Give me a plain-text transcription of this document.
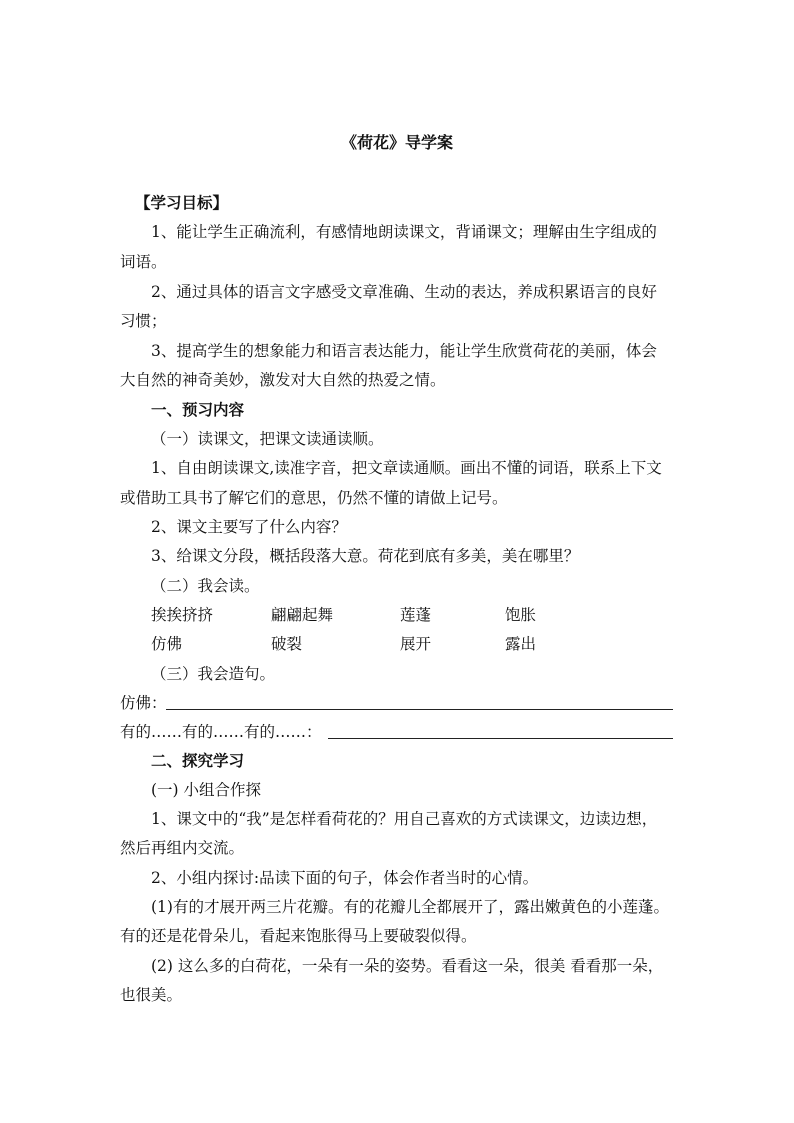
《荷花》导学案
【学习目标】
1、能让学生正确流利，有感情地朗读课文，背诵课文；理解由生字组成的
词语。
2、通过具体的语言文字感受文章准确、生动的表达，养成积累语言的良好
习惯；
3、提高学生的想象能力和语言表达能力，能让学生欣赏荷花的美丽，体会
大自然的神奇美妙，激发对大自然的热爱之情。
一、预习内容
（一）读课文，把课文读通读顺。
1、自由朗读课文,读准字音，把文章读通顺。画出不懂的词语，联系上下文
或借助工具书了解它们的意思，仍然不懂的请做上记号。
2、课文主要写了什么内容？
3、给课文分段，概括段落大意。荷花到底有多美，美在哪里？
（二）我会读。
挨挨挤挤	翩翩起舞	莲蓬	饱胀
仿佛	破裂	展开	露出
（三）我会造句。
仿佛：
有的……有的……有的……：
二、探究学习
(一) 小组合作探
1、课文中的“我”是怎样看荷花的？用自己喜欢的方式读课文，边读边想，
然后再组内交流。
2、小组内探讨:品读下面的句子，体会作者当时的心情。
(1)有的才展开两三片花瓣。有的花瓣儿全都展开了，露出嫩黄色的小莲蓬。
有的还是花骨朵儿，看起来饱胀得马上要破裂似得。
(2) 这么多的白荷花，一朵有一朵的姿势。看看这一朵，很美 看看那一朵，
也很美。
